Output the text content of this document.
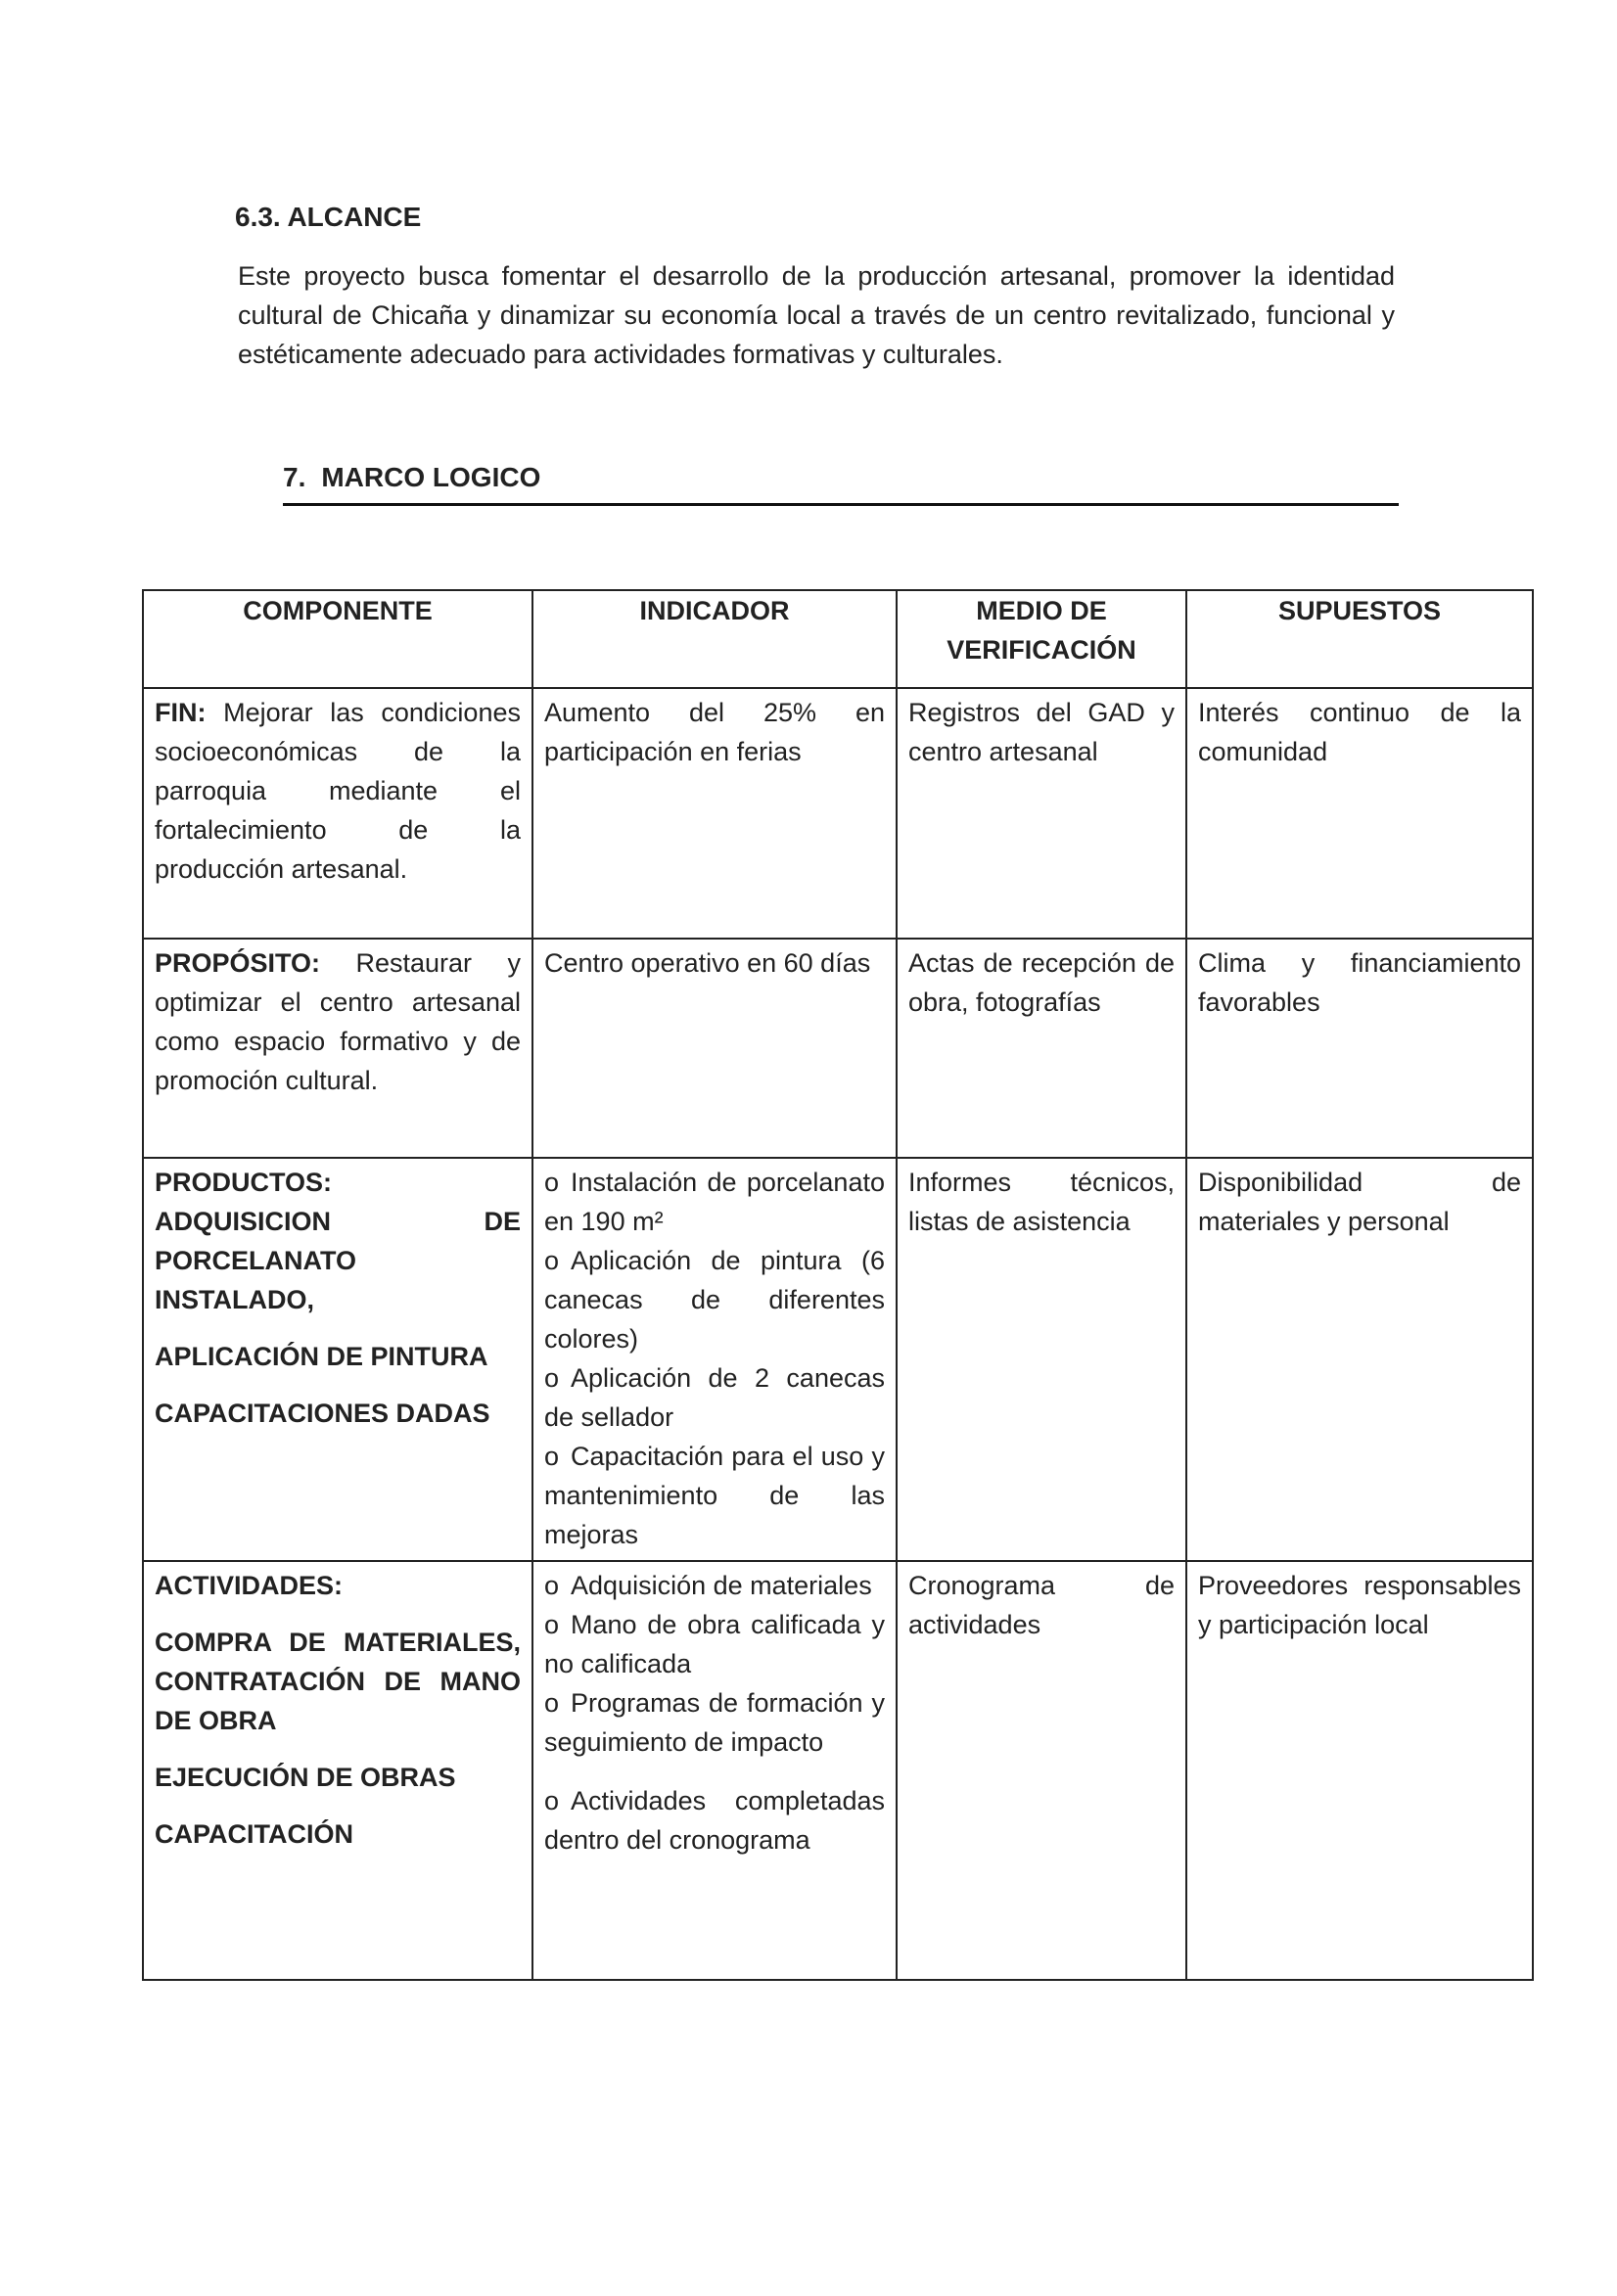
6.3. ALCANCE

Este proyecto busca fomentar el desarrollo de la producción artesanal, promover la identidad cultural de Chicaña y dinamizar su economía local a través de un centro revitalizado, funcional y estéticamente adecuado para actividades formativas y culturales.

7. MARCO LOGICO
COMPONENTE	INDICADOR	MEDIO DE VERIFICACIÓN	SUPUESTOS
FIN: Mejorar las condiciones socioeconómicas de la parroquia mediante el fortalecimiento de la producción artesanal.	Aumento del 25% en participación en ferias	Registros del GAD y centro artesanal	Interés continuo de la comunidad
PROPÓSITO: Restaurar y optimizar el centro artesanal como espacio formativo y de promoción cultural.	Centro operativo en 60 días	Actas de recepción de obra, fotografías	Clima y financiamiento favorables

PRODUCTOS:
ADQUISICION DE PORCELANATO INSTALADO,
APLICACIÓN DE PINTURA
CAPACITACIONES DADAS	o Instalación de porcelanato en 190 m²
o Aplicación de pintura (6 canecas de diferentes colores)
o Aplicación de 2 canecas de sellador
o Capacitación para el uso y mantenimiento de las mejoras	Informes técnicos, listas de asistencia	Disponibilidad de materiales y personal

ACTIVIDADES:
COMPRA DE MATERIALES, CONTRATACIÓN DE MANO DE OBRA
EJECUCIÓN DE OBRAS
CAPACITACIÓN	o Adquisición de materiales
o Mano de obra calificada y no calificada
o Programas de formación y seguimiento de impacto
o Actividades completadas dentro del cronograma	Cronograma de actividades	Proveedores responsables y participación local
